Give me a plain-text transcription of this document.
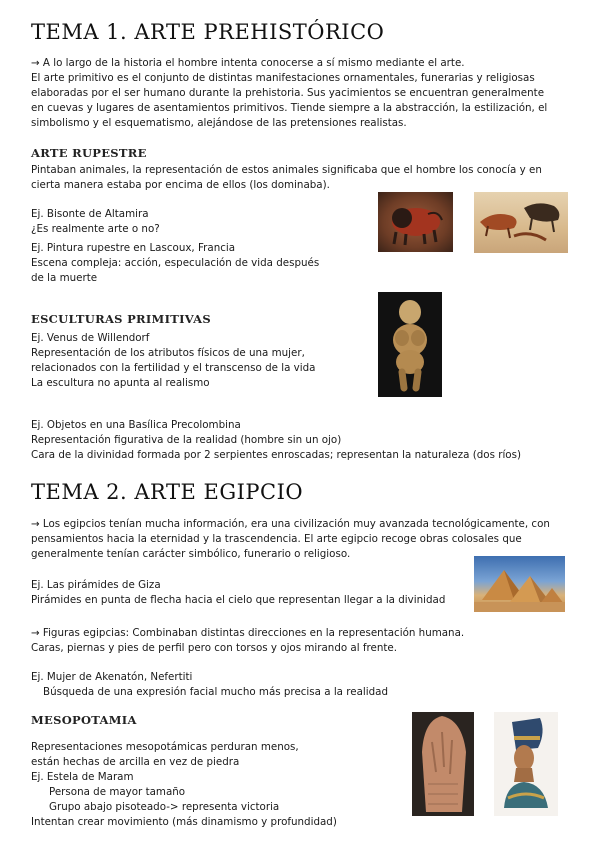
TEMA 1. ARTE PREHISTÓRICO
→ A lo largo de la historia el hombre intenta conocerse a sí mismo mediante el arte.
El arte primitivo es el conjunto de distintas manifestaciones ornamentales, funerarias y religiosas
elaboradas por el ser humano durante la prehistoria. Sus yacimientos se encuentran generalmente
en cuevas y lugares de asentamientos primitivos. Tiende siempre a la abstracción, la estilización, el
simbolismo y el esquematismo, alejándose de las pretensiones realistas.
ARTE RUPESTRE
Pintaban animales, la representación de estos animales significaba que el hombre los conocía y en
cierta manera estaba por encima de ellos (los dominaba).
Ej. Bisonte de Altamira
¿Es realmente arte o no?
Ej. Pintura rupestre en Lascoux, Francia
Escena compleja: acción, especulación de vida después
de la muerte
ESCULTURAS PRIMITIVAS
Ej. Venus de Willendorf
Representación de los atributos físicos de una mujer,
relacionados con la fertilidad y el transcenso de la vida
La escultura no apunta al realismo
Ej. Objetos en una Basílica Precolombina
Representación figurativa de la realidad (hombre sin un ojo)
Cara de la divinidad formada por 2 serpientes enroscadas; representan la naturaleza (dos ríos)
TEMA 2. ARTE EGIPCIO
→ Los egipcios tenían mucha información, era una civilización muy avanzada tecnológicamente, con
pensamientos hacia la eternidad y la trascendencia. El arte egipcio recoge obras colosales que
generalmente tenían carácter simbólico, funerario o religioso.
Ej. Las pirámides de Giza
Pirámides en punta de flecha hacia el cielo que representan llegar a la divinidad
→ Figuras egipcias: Combinaban distintas direcciones en la representación humana.
Caras, piernas y pies de perfil pero con torsos y ojos mirando al frente.
Ej. Mujer de Akenatón, Nefertiti
Búsqueda de una expresión facial mucho más precisa a la realidad
MESOPOTAMIA
Representaciones mesopotámicas perduran menos,
están hechas de arcilla en vez de piedra
Ej. Estela de Maram
Persona de mayor tamaño
Grupo abajo pisoteado-> representa victoria
Intentan crear movimiento (más dinamismo y profundidad)
